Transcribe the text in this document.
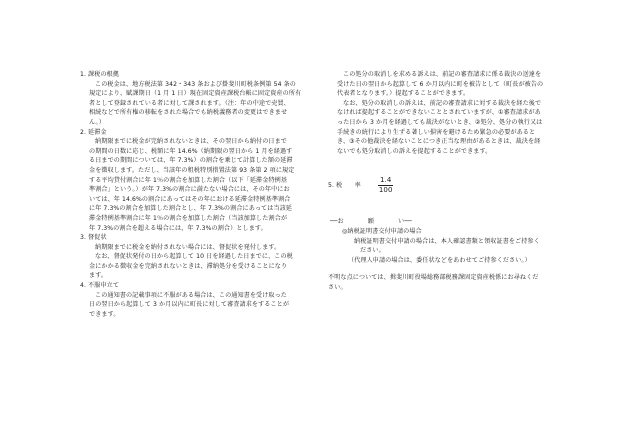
1. 課税の根拠

この税金は、地方税法第 342・343 条および掛斐川町税条例第 54 条の

規定により、賦課期日（1 月 1 日）現在固定資産課税台帳に固定資産の所有

者として登録されている者に対して課されます。（注：年の中途で売買、

相続などで所有権の移転をされた場合でも納税義務者の変更はできませ

ん。）

2. 延滞金

納期限までに税金が完納されないときは、その翌日から納付の日まで

の期間の日数に応じ、税額に年 14.6%（納期限の翌日から 1 月を経過す

る日までの期間については、年 7.3%）の割合を乗じて計算した額の延滞

金を徴収します。ただし、当該年の租税特別措置法第 93 条第 2 項に規定

する平均貸付割合に年 1％の割合を加算した割合（以下「延滞金特例基

準割合」という。）が年 7.3%の割合に満たない場合には、その年中にお

いては、年 14.6%の割合にあってはその年における延滞金特例基準割合

に年 7.3%の割合を加算した割合とし、年 7.3%の割合にあっては当該延

滞金特例基準割合に年 1％の割合を加算した割合（当該加算した割合が

年 7.3%の割合を超える場合には、年 7.3%の割合）とします。

3. 督促状

納期限までに税金を納付されない場合には、督促状を発付します。

なお、督促状発付の日から起算して 10 日を経過した日までに、この税

金にかかる徴収金を完納されないときは、滞納処分を受けることになり

ます。

4. 不服申立て

この通知書の記載事項に不服がある場合は、この通知書を受け取った

日の翌日から起算して 3 か月以内に町長に対して審査請求をすることが

できます。

この処分の取消しを求める訴えは、前記の審査請求に係る裁決の送達を

受けた日の翌日から起算して 6 か月以内に町を被告として（町長が被告の

代表者となります。）提起することができます。

なお、処分の取消しの訴えは、前記の審査請求に対する裁決を経た後で

なければ提起することができないこととされていますが、①審査請求があ

った日から 3 か月を経過しても裁決がないとき、②処分、処分の執行又は

手続きの続行により生ずる著しい損害を避けるため緊急の必要があると

き、③その他裁決を経ないことにつき正当な理由があるときは、裁決を経

ないでも処分取消しの訴えを提起することができます。

5. 税　　率	$\frac{1.4}{100}$

──お	願	い──

◎納税証明書交付申請の場合

納税証明書交付申請の場合は、本人確認書類と領収証書をご持参く

ださい。

（代理人申請の場合は、委任状などをあわせてご持参ください。）

不明な点については、揖斐川町役場総務部税務課固定資産税係にお尋ねくだ

さい。
